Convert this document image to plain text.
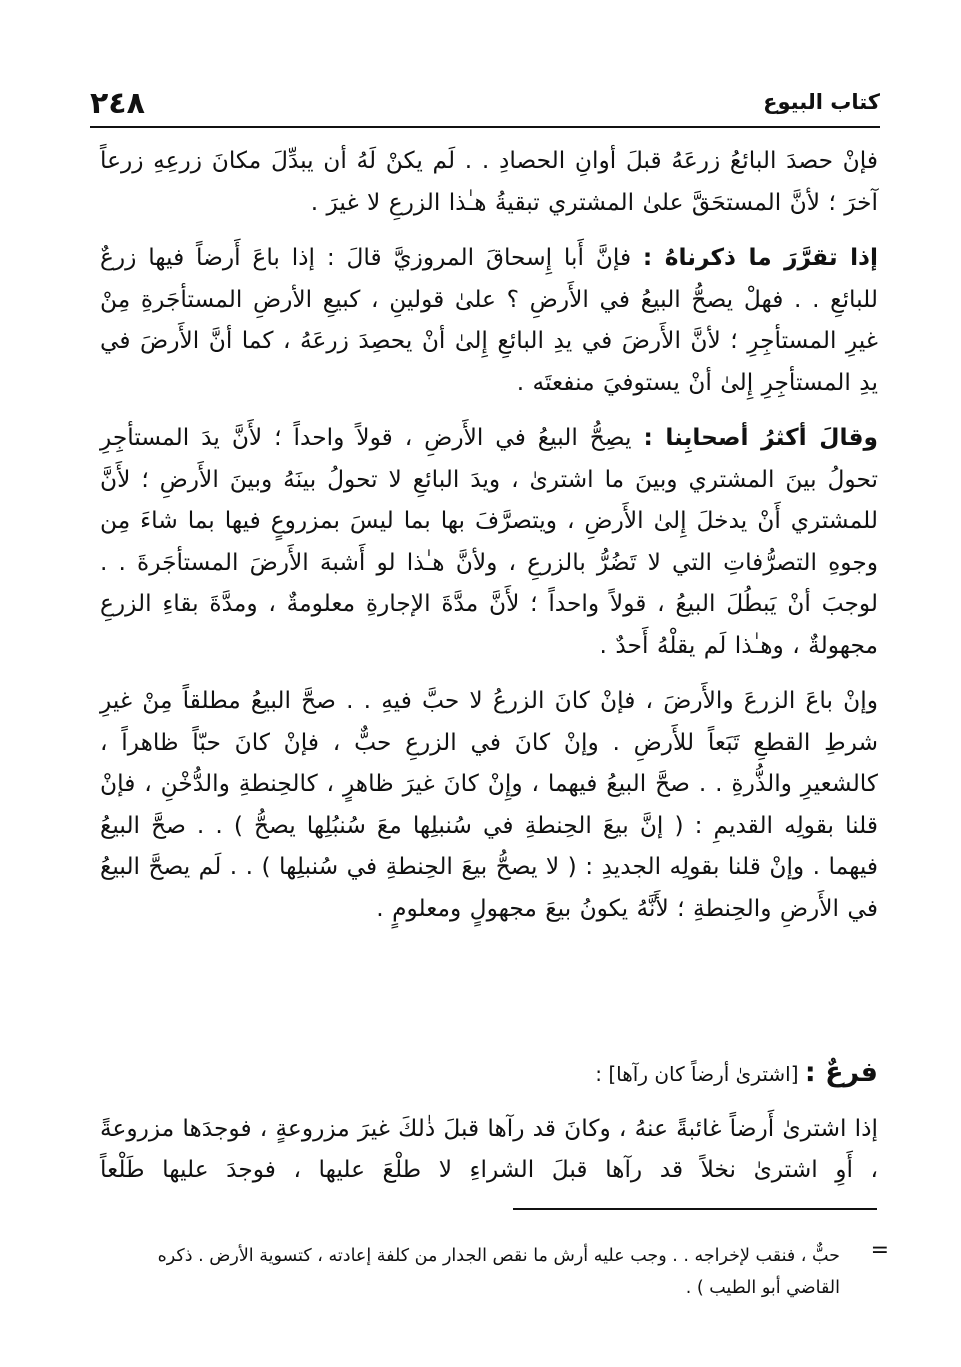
٢٤٨	كتاب البيوع

فإنْ حصدَ البائعُ زرعَهُ قبلَ أوانِ الحصادِ . . لَم يكنْ لَهُ أن يبدِّلَ مكانَ زرعِهِ زرعاً آخرَ ؛ لأنَّ المستحَقَّ علىٰ المشتري تبقيةُ هـٰذا الزرعِ لا غيرَ .

إذا تقرَّرَ ما ذكرناهُ : فإنَّ أَبا إِسحاقَ المروزيَّ قالَ : إذا باعَ أَرضاً فيها زرعٌ للبائعِ . . فهلْ يصحُّ البيعُ في الأَرضِ ؟ علىٰ قولينِ ، كبيعِ الأرضِ المستأجَرةِ مِنْ غيرِ المستأجِرِ ؛ لأنَّ الأَرضَ في يدِ البائعِ إِلىٰ أنْ يحصِدَ زرعَهُ ، كما أنَّ الأَرضَ في يدِ المستأجِرِ إِلىٰ أنْ يستوفيَ منفعتَه .

وقالَ أكثرُ أصحابِنا : يصِحُّ البيعُ في الأَرضِ ، قولاً واحداً ؛ لأَنَّ يدَ المستأجِرِ تحولُ بينَ المشتري وبينَ ما اشترىٰ ، ويدَ البائعِ لا تحولُ بينَهُ وبينَ الأَرضِ ؛ لأَنَّ للمشتري أَنْ يدخلَ إِلىٰ الأَرضِ ، ويتصرَّفَ بها بما ليسَ بمزروعٍ فيها بما شاءَ مِن وجوهِ التصرُّفاتِ التي لا تَضُرُّ بالزرعِ ، ولأنَّ هـٰذا لو أَشبهَ الأَرضَ المستأجَرةَ . . لوجبَ أنْ يَبطُلَ البيعُ ، قولاً واحداً ؛ لأَنَّ مدَّةَ الإجارةِ معلومةٌ ، ومدَّةَ بقاءِ الزرعِ مجهولةٌ ، وهـٰذا لَم يقلْهُ أَحدٌ .

وإنْ باعَ الزرعَ والأَرضَ ، فإنْ كانَ الزرعُ لا حبَّ فيهِ . . صحَّ البيعُ مطلقاً مِنْ غيرِ شرطِ القطعِ تَبَعاً للأَرضِ . وإنْ كانَ في الزرعِ حبٌّ ، فإنْ كانَ حبّاً ظاهراً ، كالشعيرِ والذُّرةِ . . صحَّ البيعُ فيهما ، وإِنْ كانَ غيرَ ظاهرٍ ، كالحِنطةِ والدُّخْنِ ، فإنْ قلنا بقولِه القديمِ : ( إنَّ بيعَ الحِنطةِ في سُنبلِها معَ سُنبُلِها يصحُّ ) . . صحَّ البيعُ فيهما . وإنْ قلنا بقولِه الجديدِ : ( لا يصحُّ بيعَ الحِنطةِ في سُنبلِها ) . . لَم يصحَّ البيعُ في الأَرضِ والحِنطةِ ؛ لأَنَّهُ يكونُ بيعَ مجهولٍ ومعلومٍ .

فرعٌ : [اشترىٰ أرضاً كان رآها] :

إذا اشترىٰ أَرضاً غائبةً عنهُ ، وكانَ قد رآها قبلَ ذٰلكَ غيرَ مزروعةٍ ، فوجدَها مزروعةً ، أَوِ اشترىٰ نخلاً قد رآها قبلَ الشراءِ لا طلْعَ عليها ، فوجدَ عليها طَلْعاً

=
حبٌّ ، فنقب لإخراجه . . وجب عليه أرش ما نقص الجدار من كلفة إعادته ، كتسوية الأرض . ذكره القاضي أبو الطيب ) .
